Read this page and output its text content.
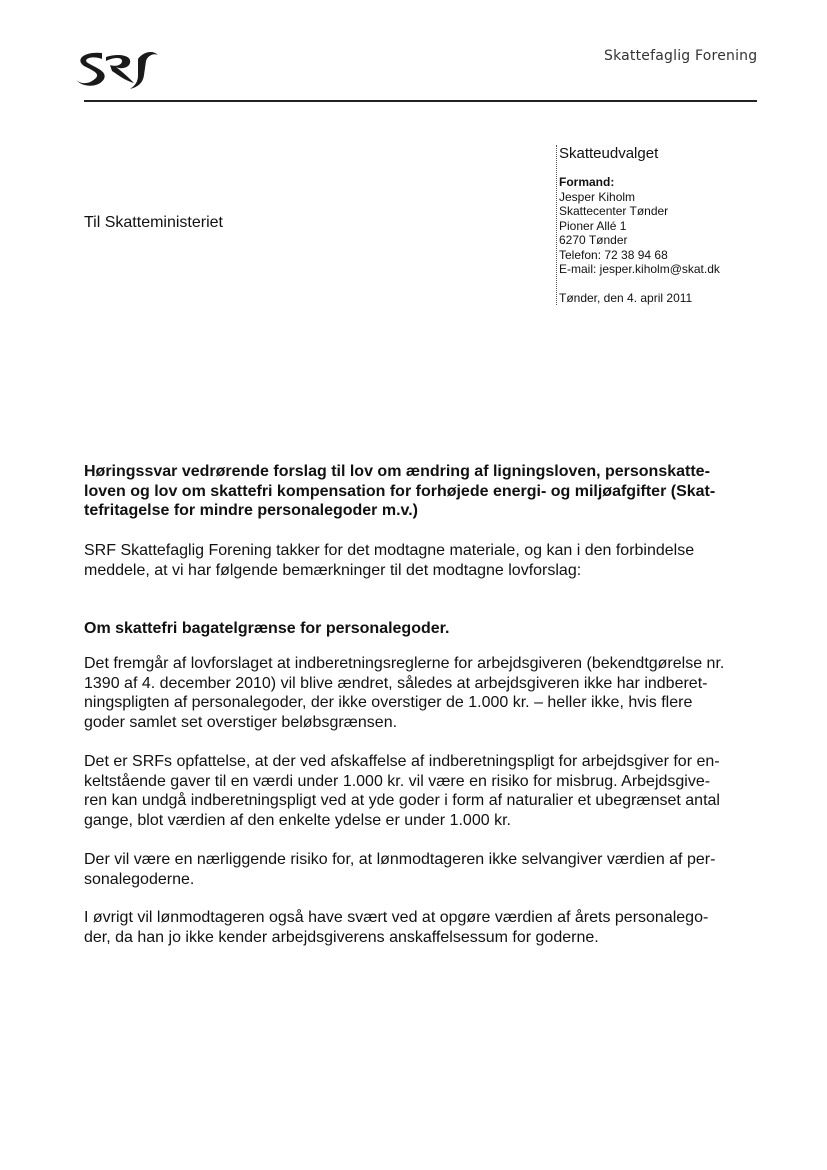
Skattefaglig Forening
Til Skatteministeriet
Skatteudvalget
Formand:
Jesper Kiholm
Skattecenter Tønder
Pioner Allé 1
6270 Tønder
Telefon: 72 38 94 68
E-mail: jesper.kiholm@skat.dk
Tønder, den 4. april 2011
Høringssvar vedrørende forslag til lov om ændring af ligningsloven, personskatte-
loven og lov om skattefri kompensation for forhøjede energi- og miljøafgifter (Skat-
tefritagelse for mindre personalegoder m.v.)
SRF Skattefaglig Forening takker for det modtagne materiale, og kan i den forbindelse
meddele, at vi har følgende bemærkninger til det modtagne lovforslag:
Om skattefri bagatelgrænse for personalegoder.
Det fremgår af lovforslaget at indberetningsreglerne for arbejdsgiveren (bekendtgørelse nr.
1390 af 4. december 2010) vil blive ændret, således at arbejdsgiveren ikke har indberet-
ningspligten af personalegoder, der ikke overstiger de 1.000 kr. – heller ikke, hvis flere
goder samlet set overstiger beløbsgrænsen.
Det er SRFs opfattelse, at der ved afskaffelse af indberetningspligt for arbejdsgiver for en-
keltstående gaver til en værdi under 1.000 kr. vil være en risiko for misbrug. Arbejdsgive-
ren kan undgå indberetningspligt ved at yde goder i form af naturalier et ubegrænset antal
gange, blot værdien af den enkelte ydelse er under 1.000 kr.
Der vil være en nærliggende risiko for, at lønmodtageren ikke selvangiver værdien af per-
sonalegoderne.
I øvrigt vil lønmodtageren også have svært ved at opgøre værdien af årets personalego-
der, da han jo ikke kender arbejdsgiverens anskaffelsessum for goderne.
